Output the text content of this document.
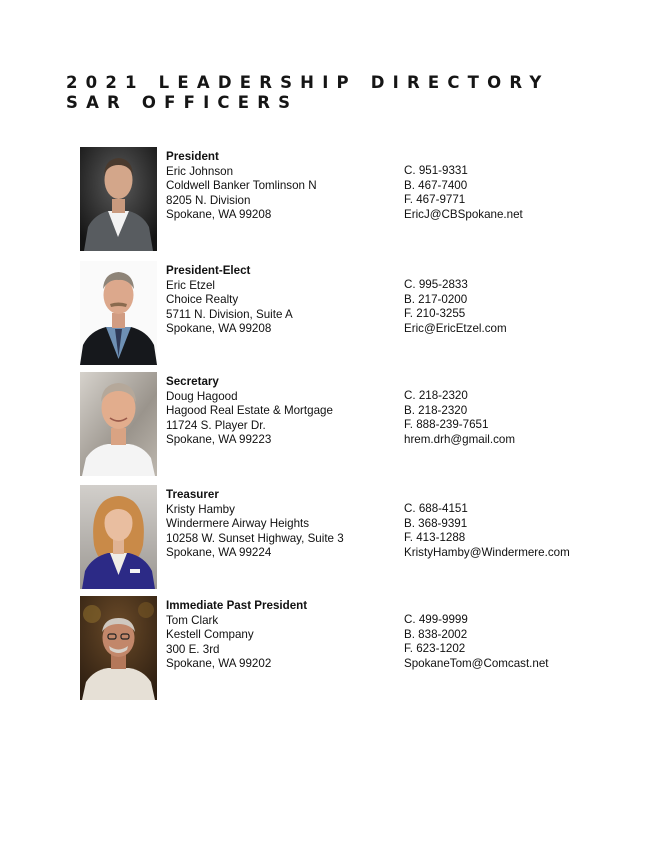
2021 LEADERSHIP DIRECTORY
SAR OFFICERS
President
Eric Johnson
Coldwell Banker Tomlinson N
8205 N. Division
Spokane, WA 99208
C. 951-9331
B. 467-7400
F. 467-9771
EricJ@CBSpokane.net
President-Elect
Eric Etzel
Choice Realty
5711 N. Division, Suite A
Spokane, WA 99208
C. 995-2833
B. 217-0200
F. 210-3255
Eric@EricEtzel.com
Secretary
Doug Hagood
Hagood Real Estate & Mortgage
11724 S. Player Dr.
Spokane, WA 99223
C. 218-2320
B. 218-2320
F. 888-239-7651
hrem.drh@gmail.com
Treasurer
Kristy Hamby
Windermere Airway Heights
10258 W. Sunset Highway, Suite 3
Spokane, WA 99224
C. 688-4151
B. 368-9391
F. 413-1288
KristyHamby@Windermere.com
Immediate Past President
Tom Clark
Kestell Company
300 E. 3rd
Spokane, WA 99202
C. 499-9999
B. 838-2002
F. 623-1202
SpokaneTom@Comcast.net
